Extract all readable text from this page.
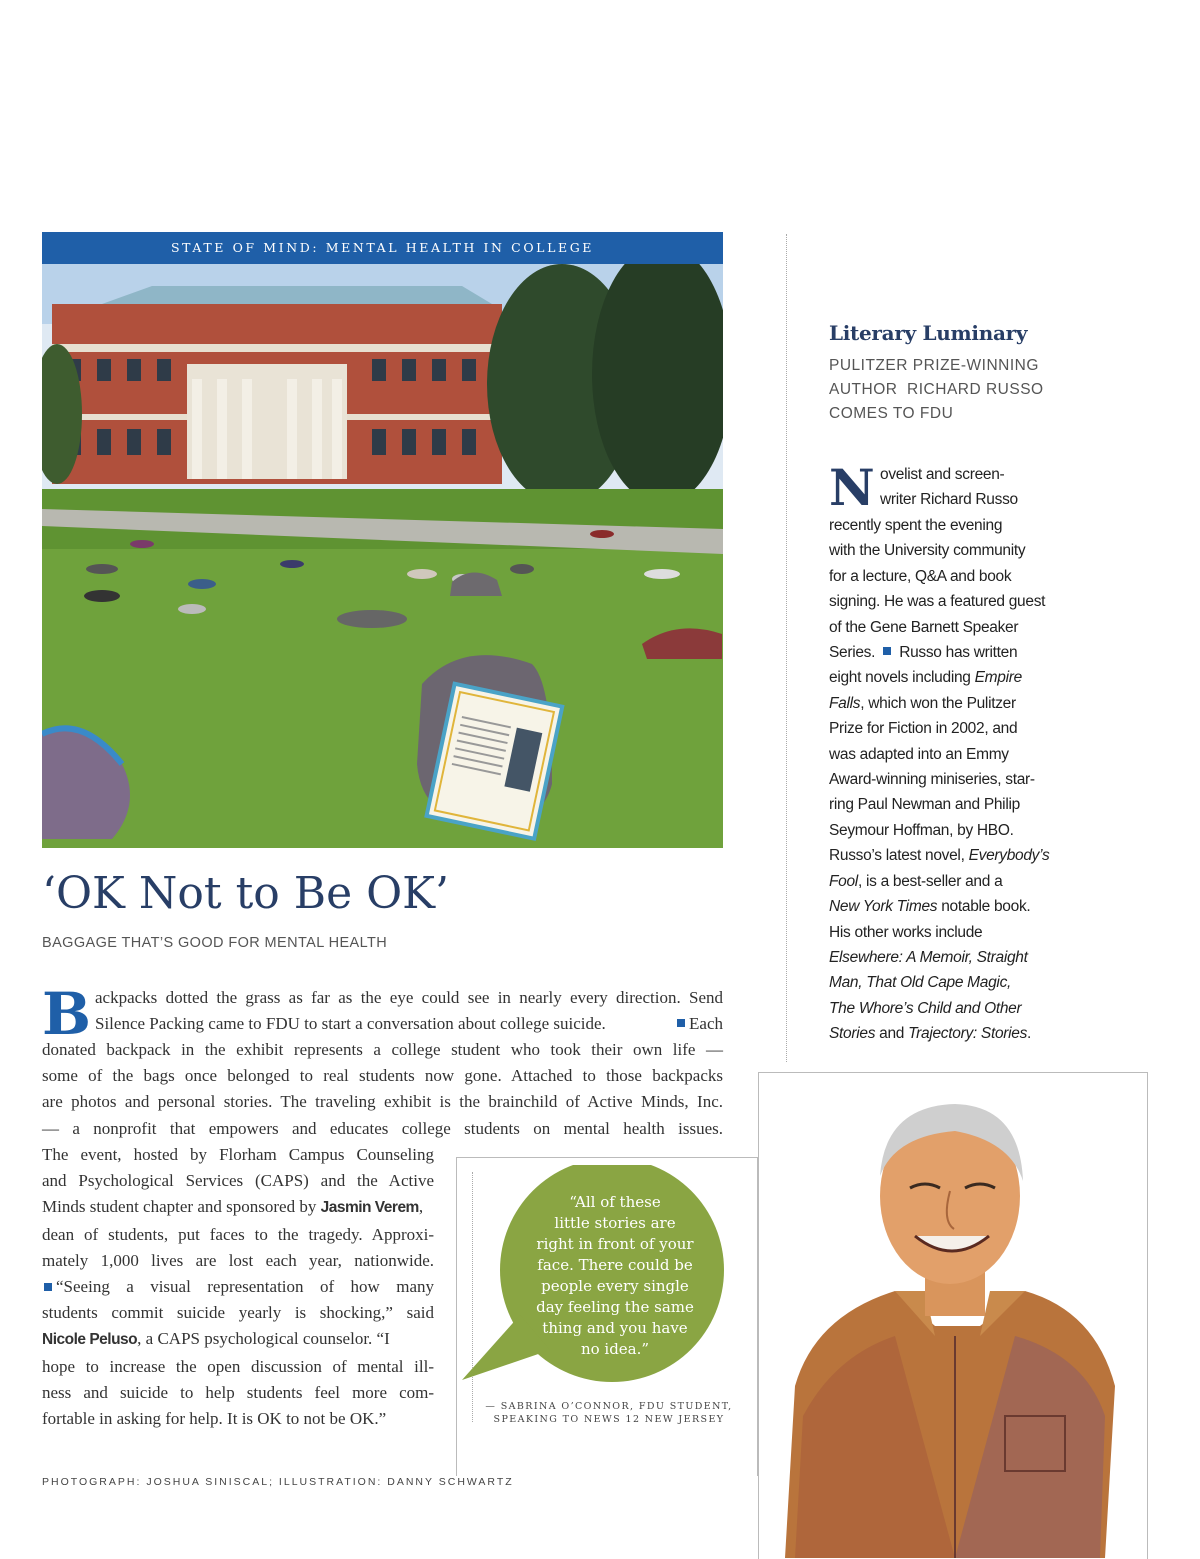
STATE OF MIND: MENTAL HEALTH IN COLLEGE
‘OK Not to Be OK’
BAGGAGE THAT’S GOOD FOR MENTAL HEALTH
B ackpacks dotted the grass as far as the eye could see in nearly every direction. Send
Silence Packing came to FDU to start a conversation about college suicide.	Each
donated backpack in the exhibit represents a college student who took their own life —
some of the bags once belonged to real students now gone. Attached to those backpacks
are photos and personal stories. The traveling exhibit is the brainchild of Active Minds, Inc.
— a nonprofit that empowers and educates college students on mental health issues.
The event, hosted by Florham Campus Counseling
and Psychological Services (CAPS) and the Active
Minds student chapter and sponsored by Jasmin Verem,
dean of students, put faces to the tragedy. Approxi-
mately 1,000 lives are lost each year, nationwide.
“Seeing a visual representation of how many
students commit suicide yearly is shocking,” said
Nicole Peluso, a CAPS psychological counselor. “I
hope to increase the open discussion of mental ill-
ness and suicide to help students feel more com-
fortable in asking for help. It is OK to not be OK.”
“All of these
little stories are
right in front of your
face. There could be
people every single
day feeling the same
thing and you have
no idea.”
— SABRINA O’CONNOR, FDU STUDENT,
SPEAKING TO NEWS 12 NEW JERSEY
PHOTOGRAPH: JOSHUA SINISCAL; ILLUSTRATION: DANNY SCHWARTZ
Literary Luminary
PULITZER PRIZE-WINNING
AUTHOR  RICHARD RUSSO
COMES TO FDU
N ovelist and screen-
writer Richard Russo
recently spent the evening
with the University community
for a lecture, Q&A and book
signing. He was a featured guest
of the Gene Barnett Speaker
Series. Russo has written
eight novels including Empire
Falls, which won the Pulitzer
Prize for Fiction in 2002, and
was adapted into an Emmy
Award-winning miniseries, star-
ring Paul Newman and Philip
Seymour Hoffman, by HBO.
Russo’s latest novel, Everybody’s
Fool, is a best-seller and a
New York Times notable book.
His other works include
Elsewhere: A Memoir, Straight
Man, That Old Cape Magic,
The Whore’s Child and Other
Stories and Trajectory: Stories.
